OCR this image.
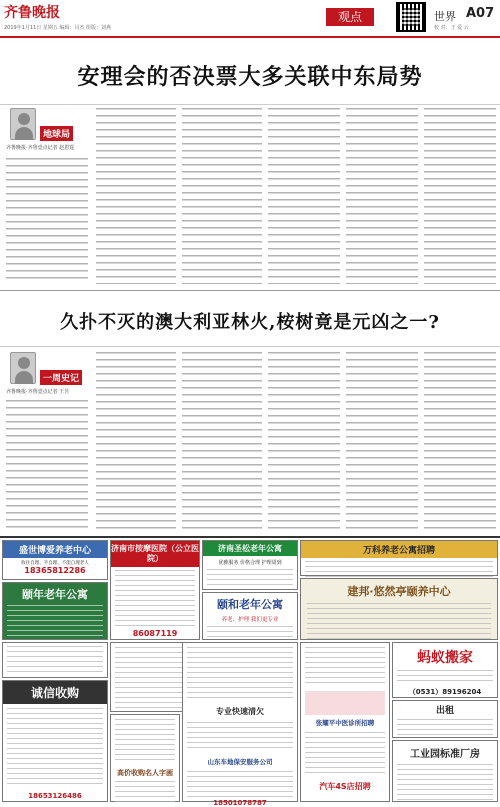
齐鲁晚报
2019年1月11日 星期五 编辑：闫杰 组版：刘燕
观点	世界 A07
校 对：王 爱 云
安理会的否决票大多关联中东局势
地球局
齐鲁晚报·齐鲁壹点记者 赵恩霆
久扑不灭的澳大利亚林火,桉树竟是元凶之一?
一周史记
齐鲁晚报·齐鲁壹点记者 王昱
盛世博爱养老中心
收住自理、半自理、不能自理老人
18365812286
颐年老年公寓
济南市按摩医院（公立医院）
86087119
济南圣松老年公寓
优雅服务 价格合理 护理周到
颐和老年公寓
养老、护理 我们更专业
万科养老公寓招聘
建邦·悠然亭颐养中心
诚信收购
18653126486
高价收购名人字画
专业快速清欠
山东车地保安服务公司
18501078787
张耀平中医诊所招聘
汽车4S店招聘
蚂蚁搬家
（0531）89196204
出租
工业园标准厂房
